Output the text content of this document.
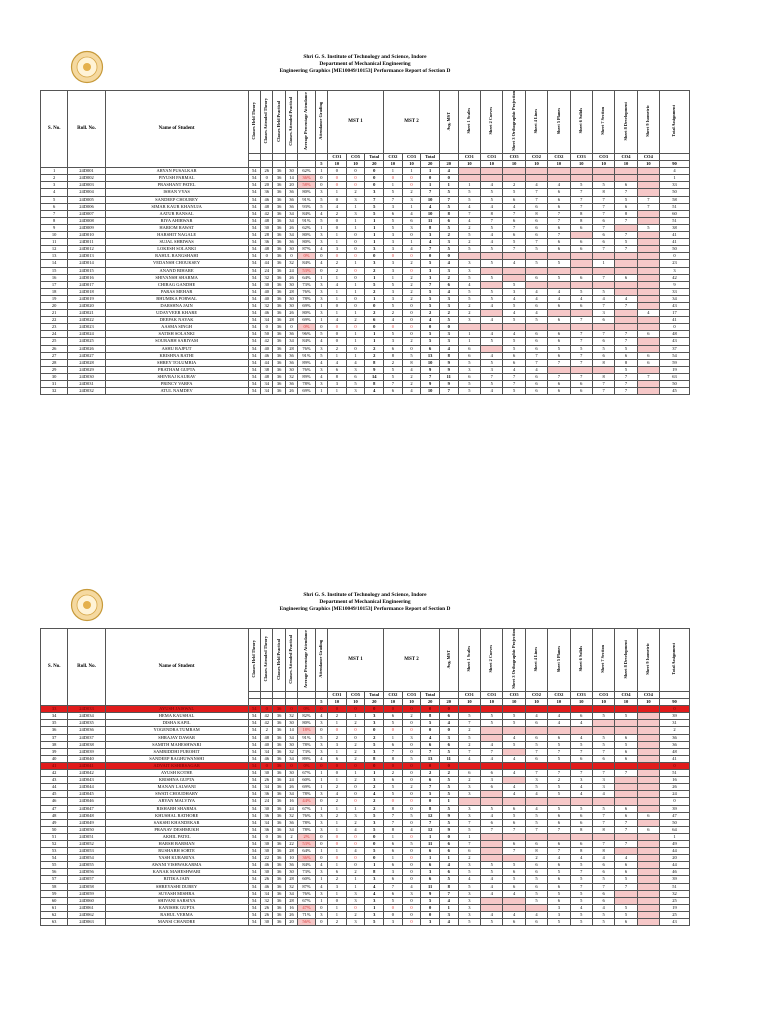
Shri G. S. Institute of Technology and Science, Indore
Department of Mechanical Engineering
Engineering Graphics [ME10049/10153] Performance Report of Section D
S. No.	Roll. No.	Name of Student	Classes Held Theory	Classes Attended Theory	Classes Held Practical	Classes Attended Practical	Average Percentage Attendance	Attendance Grading	MST 1			MST 2			Avg. MST	Sheet 1 Scales	Sheet 2 Curves	Sheet 3 Orthographic Projection	Sheet 4 Lines	Sheet 5 Planes	Sheet 6 Solids	Sheet 7 Section	Sheet 8 Development	Sheet 9 Isometric	Total Assignment
									CO1	CO5	Total	CO2	CO3	Total		CO1	CO1	CO5	CO2	CO2	CO3	CO3	CO4	CO4	
								5	10	10	20	10	10	20	20	10	10	10	10	10	10	10	10	10	90
1	24D001	ARYAN PUSALKAR	54	26	36	30	62%	1	0	0	0	1	1	1	4										4
2	24D002	PIYUSH PARMAL	54	0	36	14	36%	0	0	0	0	0	0	0	0										1
3	24D003	PRASHANT PATEL	54	20	36	20	58%	0	0	0	0	1	0	1	1	1	4	2	4	4	5	5	6		33
4	24D004	ISHAN VYAS	54	36	36	36	80%	3	1	2	3	5	2	7	5	5	5	5	7	6	7	8	7		50
5	24D005	SANDEEP CHOUREY	54	46	36	36	91%	5	0	3	7	7	3	10	7	5	5	6	7	6	7	7	5	7	58
6	24D006	SIMAR KAUR KHANUJA	54	48	36	36	93%	5	4	1	5	3	1	4	5	4	4	4	6	6	7	7	6	7	51
7	24D007	AATUR BANSAL	54	42	36	34	84%	4	2	3	5	6	4	10	8	7	8	7	8	7	8	7	8		60
8	24D008	RIYA AHIRWAR	54	48	36	34	91%	5	0	1	1	5	6	11	6	4	7	6	6	7	8	6	7		51
9	24D009	HARIOM RAWAT	54	30	36	26	62%	1	0	1	1	5	3	8	5	2	5	7	6	6	6	7		5	38
10	24D010	HARSHIT NAGALE	54	28	36	34	80%	3	1	0	1	3	0	3	2	5	4	6	6	7		6	7		41
11	24D011	SUJAL SHRIWAS	54	36	36	36	80%	3	1	0	1	3	1	4	3	2	4	5	7	6	6	6	5		41
12	24D012	LOKESH SOLANKI	54	48	36	30	87%	4	3	0	3	3	4	7	5	5	5	7	5	6	6	7	7		50
13	24D013	RAHUL RANGSHAHI	54	0	36	0	0%	0	0	0	0	0	0	0	0										0
14	24D014	VEDANSH CHOUKSEY	54	44	36	32	84%	4	2	1	3	3	2	5	4	3	5	4	5	5		1			23
15	24D015	ANAND BIHARE	54	24	36	24	53%	0	2	0	2	3	0	3	3	3									3
16	24D016	SHIVANSH SHARMA	54	32	36	26	64%	1	1	0	1	1	2	3	2	5	5		6	5	6	7	6		42
17	24D017	CHIRAG GANDHE	54	30	36	30	73%	3	4	1	5	5	2	7	6	4		5							9
18	24D018	PARAS MEHAR	54	40	36	28	76%	3	1	1	2	3	2	5	4	5	5	3	4	4	5	5			33
19	24D019	BHUMIKA PORWAL	54	40	36	30	78%	3	1	0	1	3	2	5	3	5	5	4	4	4	4	4	4		34
20	24D020	DARSHNA JAIN	54	32	36	30	69%	1	0	0	0	5	0	5	3	2	4	5	6	6	6	7	7		43
21	24D021	UDAYVEER KHARE	54	46	36	26	80%	3	1	1	2	2	0	2	2	2		4	4			3		4	17
22	24D022	DEEPAK NAYAK	54	34	36	28	69%	1	4	2	6	4	0	4	5	3	4	5	5	6	7	6			41
23	24D023	AASMA SINGH	54	0	36	0	0%	0	0	0	0	0	0	0	0										0
24	24D024	SATISH SOLANKI	54	50	36	36	96%	5	0	1	1	5	0	5	3	1	4	4	6	6	7	7	7	6	48
25	24D025	SOURABH SARIYAM	54	42	36	34	84%	4	0	1	1	3	2	5	3	1	5	5	6	6	7	6	7		43
26	24D026	ASHU RAJPUT	54	40	36	28	76%	3	2	0	2	6	0	6	4	6		5	6	5	5	5	5		37
27	24D027	KRISHNA RATHI	54	46	36	36	91%	5	1	1	2	8	5	13	8	6	4	6	7	6	7	6	6	6	54
28	24D028	SHREY TOLUMBIA	54	44	36	36	89%	4	4	4	8	2	8	10	9	5	5	6	7	7	7	8	8	6	59
29	24D029	PRATHAM GUPTA	54	38	36	30	76%	3	6	3	9	5	4	9	9	3	3	4	4				5		19
30	24D030	SHIVRAJ KAURAV	54	48	36	32	89%	4	8	6	14	5	2	7	11	6	7	7	6	7	7	8	7	7	63
31	24D031	PRINCY VARFA	54	34	36	36	78%	3	3	5	8	7	2	9	9	5	5	7	6	6	6	7	7		50
32	24D032	ATUL NAMDEV	54	34	36	26	69%	1	1	3	4	6	4	10	7	5	4	5	6	6	6	7	7		45
Shri G. S. Institute of Technology and Science, Indore
Department of Mechanical Engineering
Engineering Graphics [ME10049/10153] Performance Report of Section D
S. No.	Roll. No.	Name of Student	Classes Held Theory	Classes Attended Theory	Classes Held Practical	Classes Attended Practical	Average Percentage Attendance	Attendance Grading	MST 1			MST 2			Avg. MST	Sheet 1 Scales	Sheet 2 Curves	Sheet 3 Orthographic Projection	Sheet 4 Lines	Sheet 5 Planes	Sheet 6 Solids	Sheet 7 Section	Sheet 8 Development	Sheet 9 Isometric	Total Assignment
									CO1	CO5	Total	CO2	CO3	Total		CO1	CO1	CO5	CO2	CO2	CO3	CO3	CO4	CO4	
								5	10	10	20	10	10	20	20	10	10	10	10	10	10	10	10	10	90
33	24D033	AYUSH JAISWAL	54	0	36	0	0%	0	0	0	0	0	0	0	0										0
34	24D034	HEMA KAUSHAL	54	42	36	32	82%	4	2	1	3	6	2	8	6	5	5	5	4	4	6	5	5		39
35	24D035	DISHA KAPIL	54	42	36	30	80%	3	1	2	3	5	0	5	4	7	5	5	6	4	4				31
36	24D036	YOGENDRA TUMRAM	54	2	36	14	18%	0	0	0	0	0	0	0	0	2									2
37	24D037	SHRAJAY DAWAR	54	48	36	34	91%	5	2	0	2	1	3	4	3	5		4	6	6	4	5	6		36
38	24D038	SAMITH MAHESHWARI	54	40	36	30	78%	3	3	2	5	6	0	6	6	2	4	5	5	5	5	5	5		36
39	24D039	SAMRIDDHI PUROHIT	54	34	36	32	73%	3	1	2	3	7	0	7	5	7	7		7	7	7	7	6		48
40	24D040	SANDEEP RAGHUWANSHI	54	46	36	34	89%	4	6	2	8	8	5	13	11	4	4	4	6	5	6	6	6		41
41	24D041	ADVAIT KSHIRSAGAR	54	0	36	0	0%	0	0	0	0	0	0	0	0										0
42	24D042	AYUSH KOTHE	54	30	36	30	67%	1	0	1	1	2	0	2	2	6	6	4	7	7	7	7	7		51
43	24D043	KRISHNA GUPTA	54	26	36	24	60%	1	1	2	3	6	0	6	5	2	3		3	2	3	3			16
44	24D044	MANAN LALWANI	54	34	36	26	69%	1	2	0	2	5	2	7	5	3	6	4	5	5	4	3			26
45	24D045	SWATI CHOUDHARY	54	36	36	34	78%	3	4	0	4	5	0	5	5	3		4	4	5	4	4			24
46	24D046	ARYAN MALVIYA	54	24	36	16	44%	0	2	0	2	0	0	0	1										0
47	24D047	RISHABH SHARMA	54	30	36	24	67%	1	1	1	2	8	0	8	5	3	5	6	4	5	5	5	6		39
48	24D048	KHUSHAL RATHORE	54	36	36	32	76%	3	2	3	5	7	5	12	9	3	4	5	5	6	6	7	6	6	47
49	24D049	SAKSHI KHANDEKAR	54	34	36	36	78%	3	1	2	3	7	0	7	5	7	6	6	5	6	6	7	7		50
50	24D050	PRANAV DESHMUKH	54	36	36	34	78%	3	1	4	5	8	4	12	9	5	7	7	7	7	8	8	7	6	64
51	24D051	AKHIL PATEL	54	0	36	2	2%	0	0	0	0	1	0	1	0	1									1
52	24D052	HARSH BARMAN	54	30	36	22	53%	0	0	0	0	6	5	11	6	7		6	6	6	6	7	7		49
53	24D053	RUSHABH SORTE	54	30	36	28	64%	1	1	4	5	6	0	6	6	6		7	8	7	8	8			44
54	24D054	YASH KURARIYA	54	22	36	10	36%	0	0	0	0	1	0	1	1	2			2	4	4	4	4		20
55	24D055	AWANI VISHWAKARMA	54	46	36	36	84%	4	1	0	1	6	0	6	4	3	5	5	6	6	5	6	6		44
56	24D056	KANAK MAHESHWARI	54	30	36	30	73%	3	6	2	8	3	0	3	6	5	5	6	6	5	7	6	6		46
57	24D057	RITIKA JAIN	54	26	36	28	60%	1	2	1	3	6	0	6	5	4	4	5	5	6	5	5	5		39
58	24D058	SHREYASHI DUBEY	54	46	36	32	87%	4	3	1	4	7	4	11	8	5	4	6	6	6	7	7	7		51
59	24D059	SUYASH MISHRA	54	34	36	34	76%	3	1	3	4	6	3	9	7	3	4	4	5	5	5	6			32
60	24D060	SHIVANI SARSIYA	54	32	36	28	67%	1	0	3	3	5	0	5	4	3			5	6	5	6			25
61	24D061	KANISHK GUPTA	54	26	36	16	47%	0	1	0	1	0	0	0	1	3				3	4	4	5		19
62	24D062	RAHUL VERMA	54	26	36	26	71%	3	1	2	3	0	0	0	3	3	4	4	4	3	5	5	5		25
63	24D063	MANSI CHANDRE	54	30	36	20	56%	0	2	3	5	3	0	3	4	5	5	6	6	5	5	5	6		43
